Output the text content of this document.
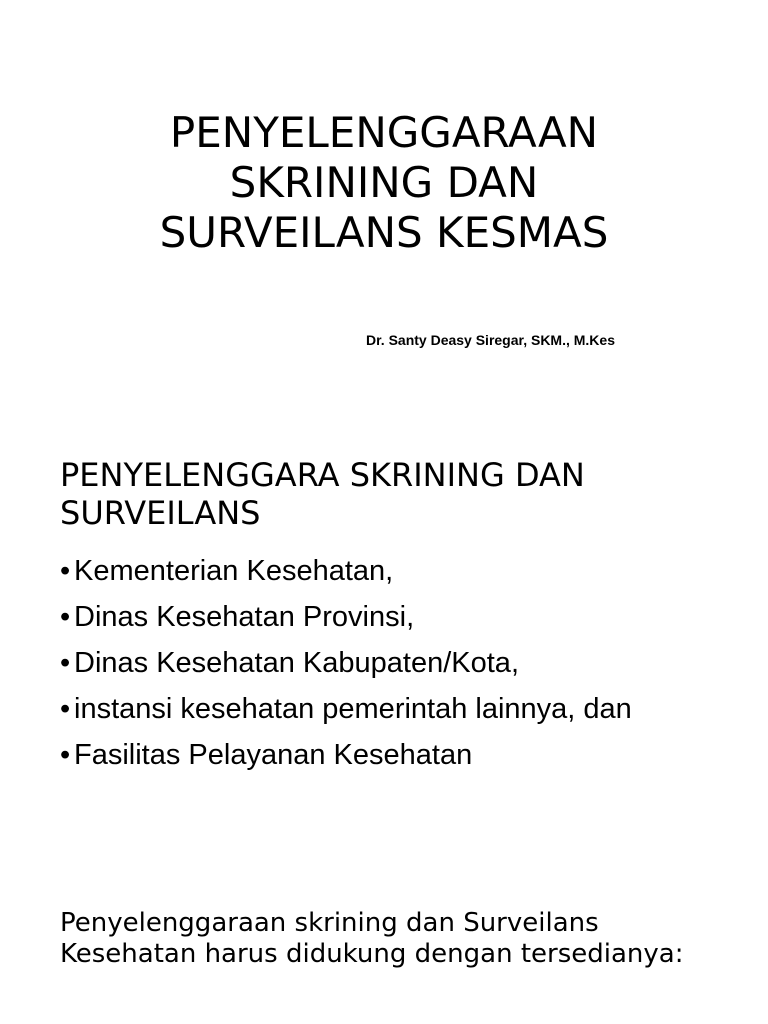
PENYELENGGARAAN
SKRINING DAN
SURVEILANS KESMAS
Dr. Santy Deasy Siregar, SKM., M.Kes
PENYELENGGARA SKRINING DAN
SURVEILANS
• Kementerian Kesehatan,
• Dinas Kesehatan Provinsi,
• Dinas Kesehatan Kabupaten/Kota,
• instansi kesehatan pemerintah lainnya, dan
• Fasilitas Pelayanan Kesehatan

Penyelenggaraan skrining dan Surveilans
Kesehatan harus didukung dengan tersedianya:
